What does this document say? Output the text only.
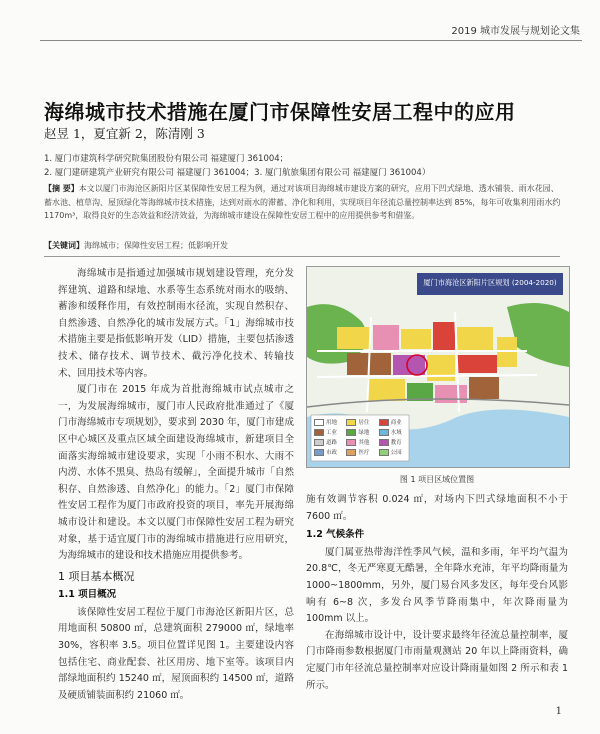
2019 城市发展与规划论文集
海绵城市技术措施在厦门市保障性安居工程中的应用
赵昱 1，夏宜新 2，陈清刚 3
1. 厦门市建筑科学研究院集团股份有限公司 福建厦门 361004；
2. 厦门建研建筑产业研究有限公司 福建厦门 361004；3. 厦门航旅集团有限公司 福建厦门 361004）
【摘 要】本文以厦门市海沧区新阳片区某保障性安居工程为例，通过对该项目海绵城市建设方案的研究，应用下凹式绿地、透水铺装、雨水花园、蓄水池、植草沟、屋顶绿化等海绵城市技术措施，达到对雨水的滞蓄、净化和利用，实现项目年径流总量控制率达到 85%，每年可收集利用雨水约 1170m³，取得良好的生态效益和经济效益，为海绵城市建设在保障性安居工程中的应用提供参考和借鉴。
【关键词】海绵城市；保障性安居工程；低影响开发

海绵城市是指通过加强城市规划建设管理，充分发挥建筑、道路和绿地、水系等生态系统对雨水的吸纳、蓄渗和缓释作用，有效控制雨水径流，实现自然积存、自然渗透、自然净化的城市发展方式。「1」海绵城市技术措施主要是指低影响开发（LID）措施，主要包括渗透技术、储存技术、调节技术、截污净化技术、转输技术、回用技术等内容。

厦门市在 2015 年成为首批海绵城市试点城市之一，为发展海绵城市，厦门市人民政府批准通过了《厦门市海绵城市专项规划》，要求到 2030 年，厦门市建成区中心城区及重点区域全面建设海绵城市，新建项目全面落实海绵城市建设要求，实现「小雨不积水、大雨不内涝、水体不黑臭、热岛有缓解」，全面提升城市「自然积存、自然渗透、自然净化」的能力。「2」厦门市保障性安居工程作为厦门市政府投资的项目，率先开展海绵城市设计和建设。本文以厦门市保障性安居工程为研究对象，基于适宜厦门市的海绵城市措施进行应用研究，为海绵城市的建设和技术措施应用提供参考。

1 项目基本概况
1.1 项目概况

该保障性安居工程位于厦门市海沧区新阳片区，总用地面积 50800 ㎡，总建筑面积 279000 ㎡，绿地率 30%，容积率 3.5。项目位置详见图 1。主要建设内容包括住宅、商业配套、社区用房、地下室等。该项目内部绿地面积约 15240 ㎡，屋顶面积约 14500 ㎡，道路及硬质铺装面积约 21060 ㎡。

厦门市海沧区新阳片区规划 (2004-2020)
用地	居住	商业
工业	绿地	水域
道路	其他	教育
市政	医疗	公园
图 1 项目区域位置图

施有效调节容积 0.024 ㎡，对场内下凹式绿地面积不小于 7600 ㎡。

1.2 气候条件

厦门属亚热带海洋性季风气候，温和多雨，年平均气温为 20.8℃，冬无严寒夏无酷暑，全年降水充沛，年平均降雨量为 1000~1800mm，另外，厦门易台风多发区，每年受台风影响有 6~8 次，多发台风季节降雨集中，年次降雨量为 100mm 以上。

在海绵城市设计中，设计要求最终年径流总量控制率，厦门市降雨参数根据厦门市雨量观测站 20 年以上降雨资料，确定厦门市年径流总量控制率对应设计降雨量如图 2 所示和表 1 所示。

1
